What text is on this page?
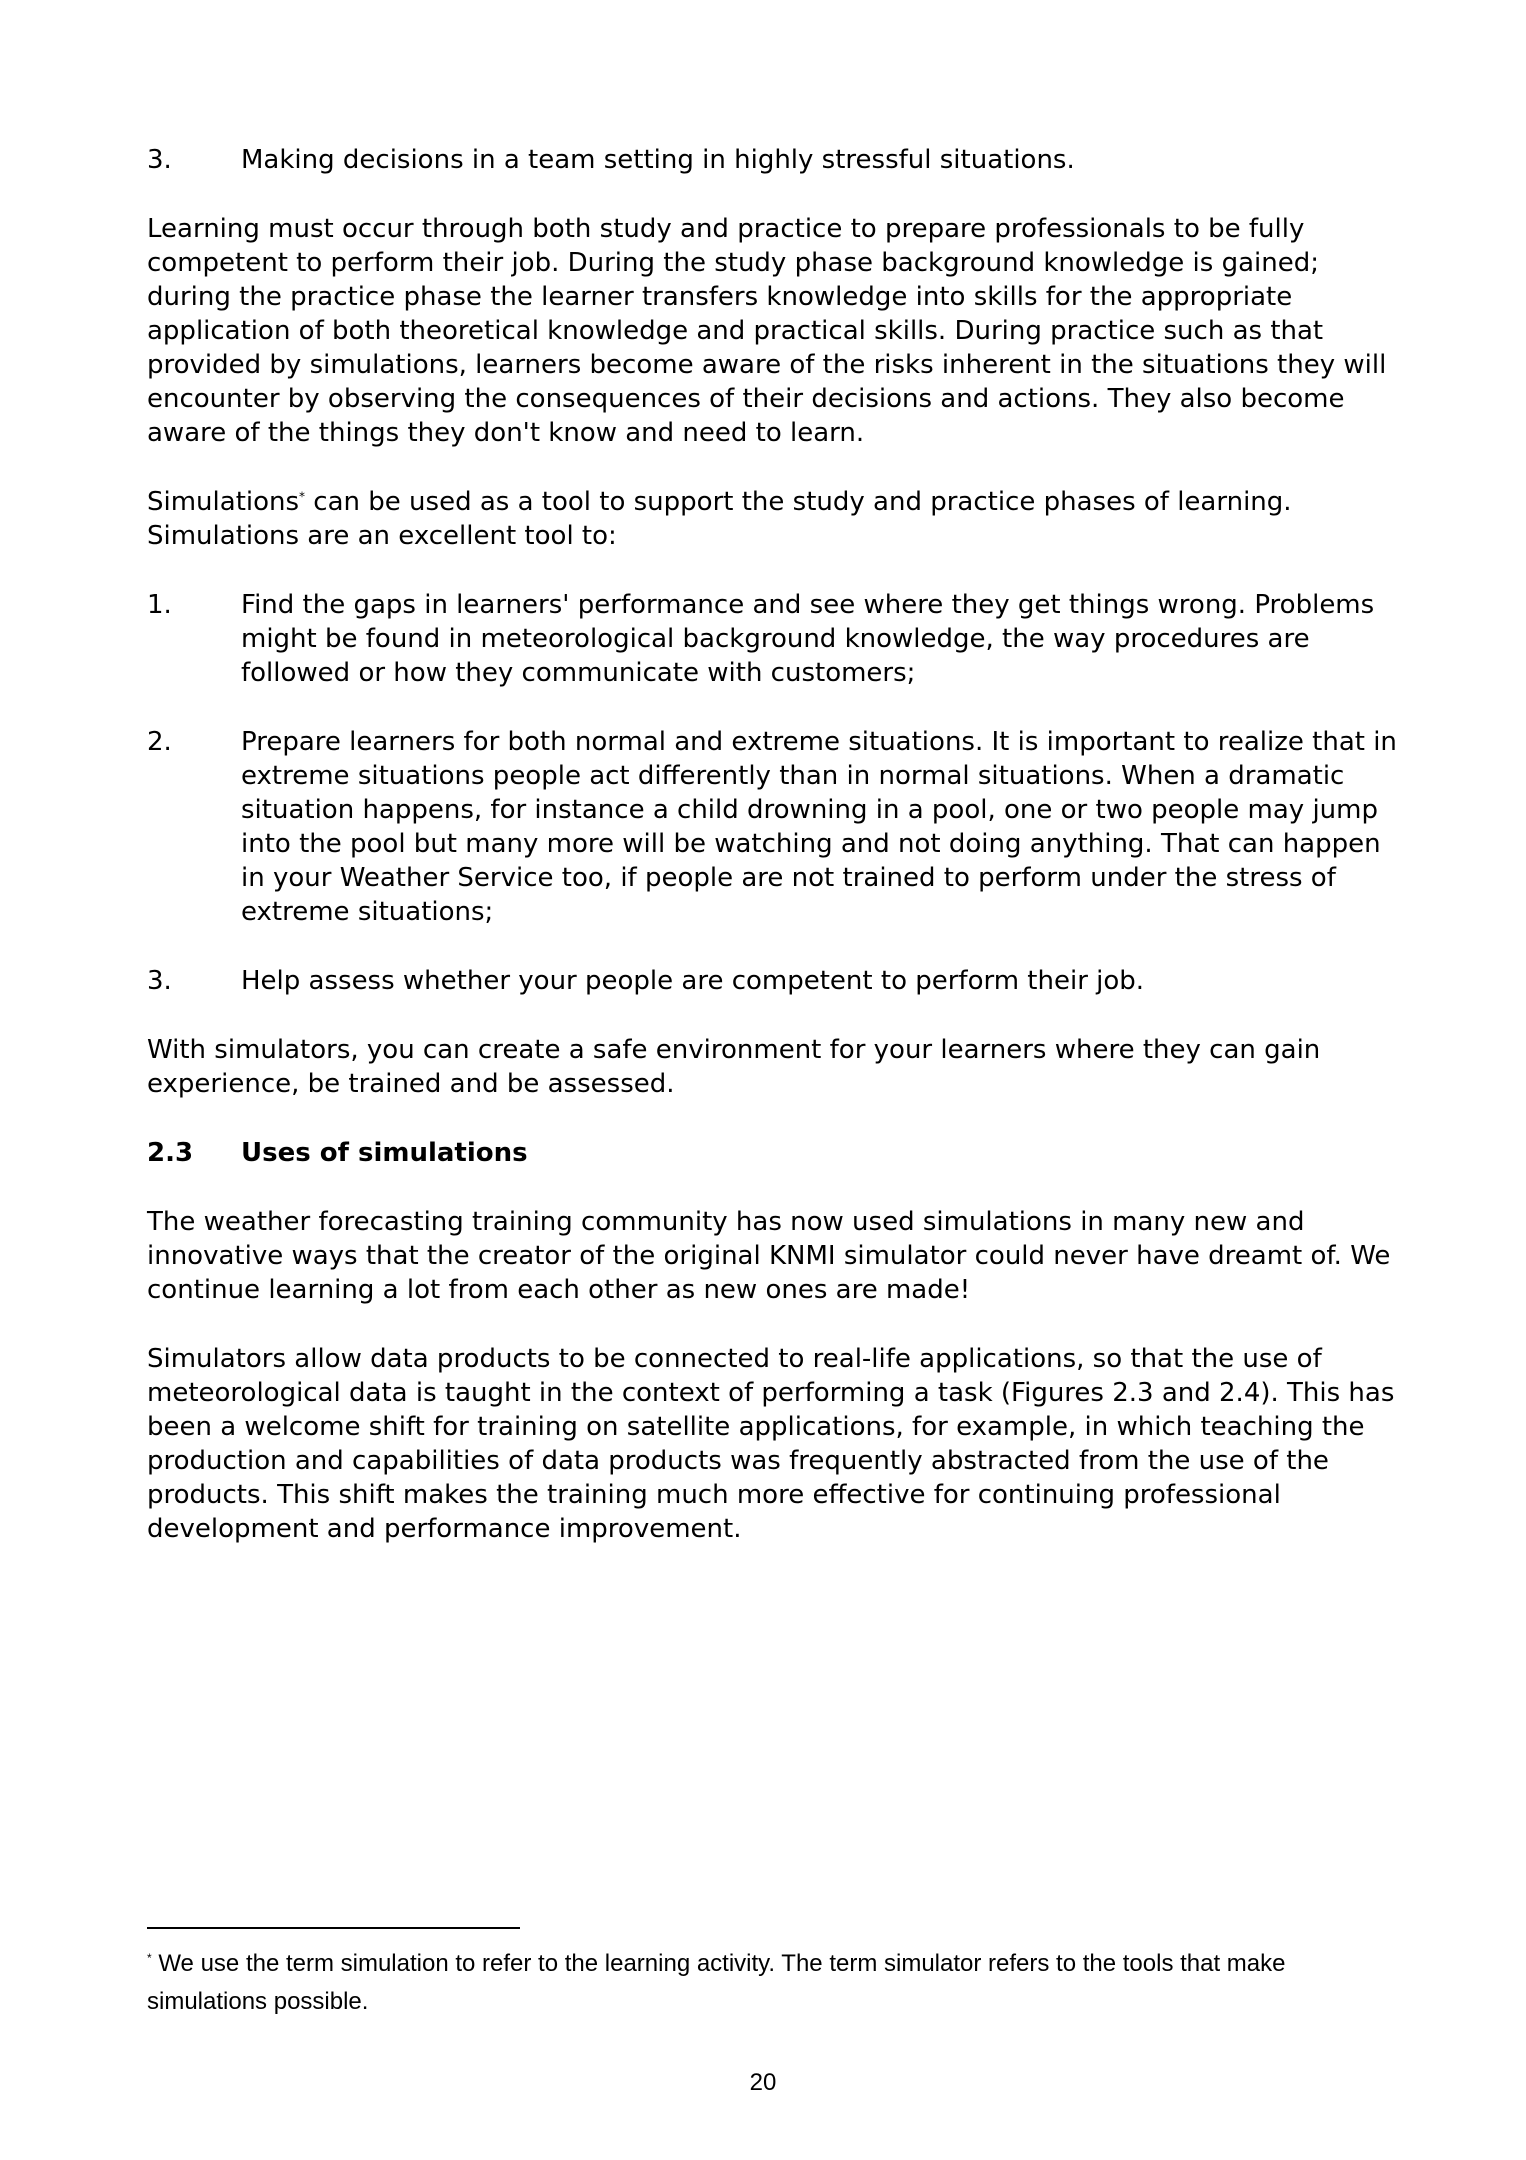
3.	Making decisions in a team setting in highly stressful situations.

Learning must occur through both study and practice to prepare professionals to be fully competent to perform their job. During the study phase background knowledge is gained; during the practice phase the learner transfers knowledge into skills for the appropriate application of both theoretical knowledge and practical skills. During practice such as that provided by simulations, learners become aware of the risks inherent in the situations they will encounter by observing the consequences of their decisions and actions. They also become aware of the things they don't know and need to learn.

Simulations* can be used as a tool to support the study and practice phases of learning. Simulations are an excellent tool to:

1.	Find the gaps in learners' performance and see where they get things wrong. Problems might be found in meteorological background knowledge, the way procedures are followed or how they communicate with customers;
2.	Prepare learners for both normal and extreme situations. It is important to realize that in extreme situations people act differently than in normal situations. When a dramatic situation happens, for instance a child drowning in a pool, one or two people may jump into the pool but many more will be watching and not doing anything. That can happen in your Weather Service too, if people are not trained to perform under the stress of extreme situations;
3.	Help assess whether your people are competent to perform their job.

With simulators, you can create a safe environment for your learners where they can gain experience, be trained and be assessed.

2.3	Uses of simulations

The weather forecasting training community has now used simulations in many new and innovative ways that the creator of the original KNMI simulator could never have dreamt of. We continue learning a lot from each other as new ones are made!

Simulators allow data products to be connected to real-life applications, so that the use of meteorological data is taught in the context of performing a task (Figures 2.3 and 2.4). This has been a welcome shift for training on satellite applications, for example, in which teaching the production and capabilities of data products was frequently abstracted from the use of the products. This shift makes the training much more effective for continuing professional development and performance improvement.

* We use the term simulation to refer to the learning activity. The term simulator refers to the tools that make simulations possible.
20
